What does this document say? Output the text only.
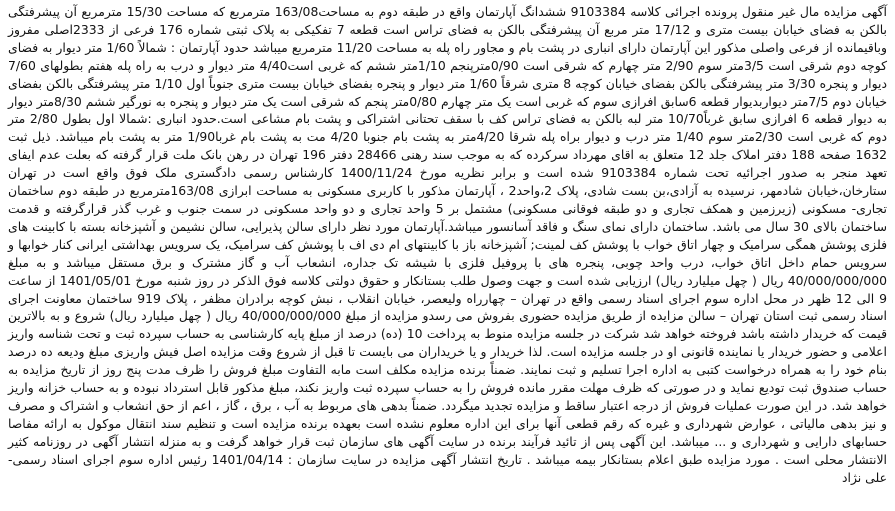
آگهی مزایده مال غیر منقول پرونده اجرائی کلاسه 9103384 ششدانگ آپارتمان واقع در طبقه دوم به مساحت163/08 مترمربع که مساحت 15/30 مترمربع آن پیشرفتگی بالکن به فضای خیابان بیست متری و 17/12 متر مربع آن پیشرفتگی بالکن به فضای تراس است قطعه 7 تفکیکی به پلاک ثبتی شماره 176 فرعی از 2333اصلی مفروز وباقیمانده از فرعی واصلی مذکور این آپارتمان دارای انباری در پشت بام و مجاور راه پله به مساحت 11/20 مترمربع میباشد حدود آپارتمان : شمالاً 1/60 متر دیوار به فضای کوچه دوم شرقی است 3/5متر سوم 2/90 متر چهارم که شرقی است 0/90مترپنجم 1/10متر ششم که غربی است4/40 متر دیوار و درب به راه پله هفتم بطولهای 7/60 دیوار و پنجره 3/30 متر پیشرفتگی بالکن بفضای خیابان کوچه 8 متری شرقاً 1/60 متر دیوار و پنجره بفضای خیابان بیست متری جنوباً اول 1/10 متر پیشرفتگی بالکن بفضای خیابان دوم 7/5متر دیواربدیوار قطعه 6سابق افرازی سوم که غربی است یک متر چهارم 0/80متر پنجم که شرقی است یک متر دیوار و پنجره به نورگیر ششم 8/30متر دیوار به دیوار قطعه 6 افرازی سابق غرباً10/70 متر لبه بالکن به فضای تراس کف با سقف تحتانی اشتراکی و پشت بام مشاعی است.حدود انباری :شمالا اول بطول 2/80 متر دوم که غربی است 2/30متر سوم 1/40 متر درب و دیوار براه پله شرقا 4/20متر به پشت بام جنوبا 4/20 مت به پشت بام غربا1/90 متر به پشت بام میباشد. ذیل ثبت 1632 صفحه 188 دفتر املاک جلد 12 متعلق به اقای مهرداد سرکرده که به موجب سند رهنی 28466 دفتر 196 تهران در رهن بانک ملت قرار گرفته که بعلت عدم ایفای تعهد منجر به صدور اجرائیه تحت شماره 9103384 شده است و برابر نظریه مورخ 1400/11/24 کارشناس رسمی دادگستری ملک فوق واقع است در تهران ستارخان،خیابان شادمهر، نرسیده به آزادی،بن بست شادی، پلاک 2،واحد2 ، آپارتمان مذکور با کاربری مسکونی به مساحت ابرازی 163/08مترمربع در طبقه دوم ساختمان تجاری- مسکونی (زیرزمین و همکف تجاری و دو طبقه فوقانی مسکونی) مشتمل بر 5 واحد تجاری و دو واحد مسکونی در سمت جنوب و غرب گذر قرارگرفته و قدمت ساختمان بالای 30 سال می باشد. ساختمان دارای نمای سنگ و فاقد آسانسور میباشد.آپارتمان مورد نظر دارای سالن پذیرایی، سالن نشیمن و آشپزخانه بسته با کابینت های فلزی پوشش همگی سرامیک و چهار اتاق خواب با پوشش کف لمینت; آشپزخانه باز با کابینتهای ام دی اف با پوشش کف سرامیک، یک سرویس بهداشتی ایرانی کنار خوابها و سرویس حمام داخل اتاق خواب، درب واحد چوبی، پنجره های با پروفیل فلزی با شیشه تک جداره، انشعاب آب و گاز مشترک و برق مستقل میباشد و به مبلغ 40/000/000/000 ریال ( چهل میلیارد ریال) ارزیابی شده است و جهت وصول طلب بستانکار و حقوق دولتی کلاسه فوق الذکر در روز شنبه مورخ 1401/05/01 از ساعت 9 الی 12 ظهر در محل اداره سوم اجرای اسناد رسمی واقع در تهران – چهارراه ولیعصر، خیابان انقلاب ، نبش کوچه برادران مظفر ، پلاک 919 ساختمان معاونت اجرای اسناد رسمی ثبت استان تهران – سالن مزایده از طریق مزایده حضوری بفروش می رسدو مزایده از مبلغ 40/000/000/000 ریال ( چهل میلیارد ریال) شروع و به بالاترین قیمت که خریدار داشته باشد فروخته خواهد شد شرکت در جلسه مزایده منوط به پرداخت 10 (ده) درصد از مبلغ پایه کارشناسی به حساب سپرده ثبت و تحت شناسه واریز اعلامی و حضور خریدار یا نماینده قانونی او در جلسه مزایده است. لذا خریدار و یا خریداران می بایست تا قبل از شروع وقت مزایده اصل فیش واریزی مبلغ ودیعه ده درصد بنام خود را به همراه درخواست کتبی به اداره اجرا تسلیم و ثبت نمایند. ضمناً برنده مزایده مکلف است مابه التفاوت مبلغ فروش را ظرف مدت پنج روز از تاریخ مزایده به حساب صندوق ثبت تودیع نماید و در صورتی که ظرف مهلت مقرر مانده فروش را به حساب سپرده ثبت واریز نکند، مبلغ مذکور قابل استرداد نبوده و به حساب خزانه واریز خواهد شد. در این صورت عملیات فروش از درجه اعتبار ساقط و مزایده تجدید میگردد. ضمناً بدهی های مربوط به آب ، برق ، گاز ، اعم از حق انشعاب و اشتراک و مصرف و نیز بدهی مالیاتی ، عوارض شهرداری و غیره که رقم قطعی آنها برای این اداره معلوم نشده است بعهده برنده مزایده است و تنظیم سند انتقال موکول به ارائه مفاصا حسابهای دارایی و شهرداری و ... میباشد. این آگهی پس از تائید فرآیند برنده در سایت آگهی های سازمان ثبت قرار خواهد گرفت و به منزله انتشار آگهی در روزنامه کثیر الانتشار محلی است . مورد مزایده طبق اعلام بستانکار بیمه میباشد . تاریخ انتشار آگهی مزایده در سایت سازمان : 1401/04/14 رئیس اداره سوم اجرای اسناد رسمی- علی نژاد
